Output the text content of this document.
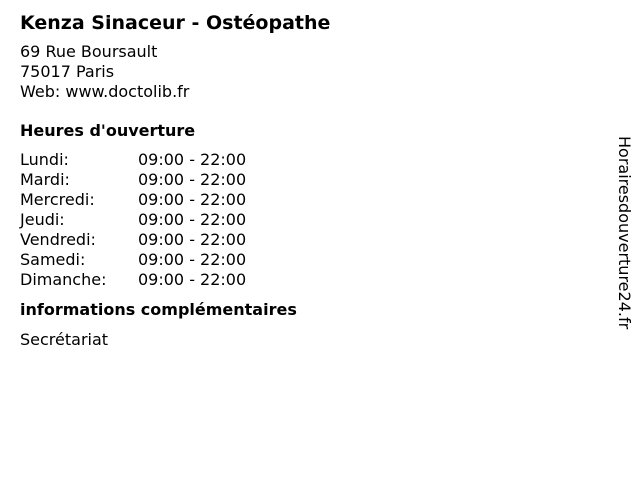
Kenza Sinaceur - Ostéopathe
69 Rue Boursault
75017 Paris
Web: www.doctolib.fr
Heures d'ouverture
Lundi:	09:00 - 22:00
Mardi:	09:00 - 22:00
Mercredi:	09:00 - 22:00
Jeudi:	09:00 - 22:00
Vendredi:	09:00 - 22:00
Samedi:	09:00 - 22:00
Dimanche:	09:00 - 22:00
informations complémentaires
Secrétariat
Horairesdouverture24.fr
